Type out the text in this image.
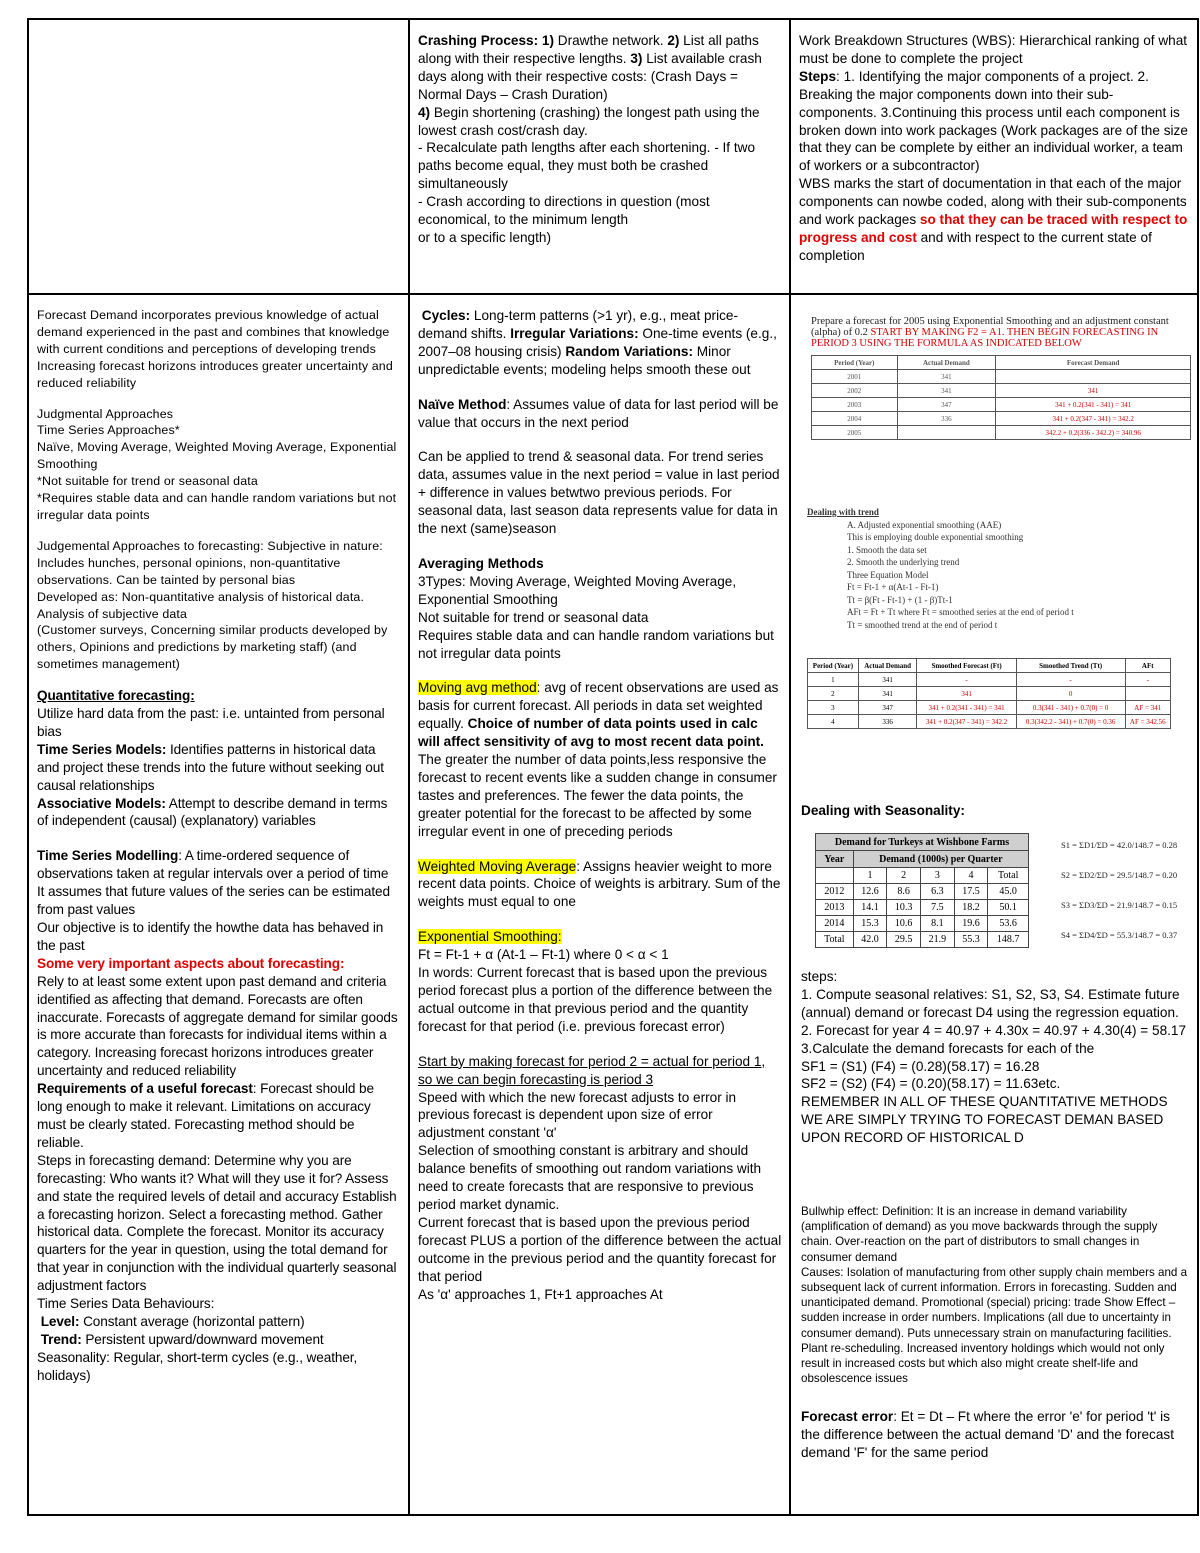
Crashing Process: 1) Drawthe network. 2) List all paths along with their respective lengths. 3) List available crash days along with their respective costs: (Crash Days = Normal Days – Crash Duration)

4) Begin shortening (crashing) the longest path using the lowest crash cost/crash day.

- Recalculate path lengths after each shortening. - If two paths become equal, they must both be crashed simultaneously

- Crash according to directions in question (most economical, to the minimum length

or to a specific length)

Work Breakdown Structures (WBS): Hierarchical ranking of what must be done to complete the project

Steps: 1. Identifying the major components of a project. 2. Breaking the major components down into their sub-components. 3.Continuing this process until each component is broken down into work packages (Work packages are of the size that they can be complete by either an individual worker, a team of workers or a subcontractor)

WBS marks the start of documentation in that each of the major components can nowbe coded, along with their sub-components and work packages so that they can be traced with respect to progress and cost and with respect to the current state of completion

Forecast Demand incorporates previous knowledge of actual demand experienced in the past and combines that knowledge with current conditions and perceptions of developing trends

Increasing forecast horizons introduces greater uncertainty and reduced reliability

Judgmental Approaches

Time Series Approaches*

Naïve, Moving Average, Weighted Moving Average, Exponential Smoothing

*Not suitable for trend or seasonal data

*Requires stable data and can handle random variations but not irregular data points

Judgemental Approaches to forecasting: Subjective in nature: Includes hunches, personal opinions, non-quantitative observations. Can be tainted by personal bias

Developed as: Non-quantitative analysis of historical data. Analysis of subjective data

(Customer surveys, Concerning similar products developed by others, Opinions and predictions by marketing staff) (and sometimes management)

Quantitative forecasting:

Utilize hard data from the past: i.e. untainted from personal bias

Time Series Models: Identifies patterns in historical data and project these trends into the future without seeking out causal relationships

Associative Models: Attempt to describe demand in terms of independent (causal) (explanatory) variables

Time Series Modelling: A time-ordered sequence of observations taken at regular intervals over a period of time

It assumes that future values of the series can be estimated from past values

Our objective is to identify the howthe data has behaved in the past

Some very important aspects about forecasting:

Rely to at least some extent upon past demand and criteria identified as affecting that demand. Forecasts are often inaccurate. Forecasts of aggregate demand for similar goods is more accurate than forecasts for individual items within a category. Increasing forecast horizons introduces greater uncertainty and reduced reliability

Requirements of a useful forecast: Forecast should be long enough to make it relevant. Limitations on accuracy must be clearly stated. Forecasting method should be reliable.

Steps in forecasting demand: Determine why you are forecasting: Who wants it? What will they use it for? Assess and state the required levels of detail and accuracy Establish a forecasting horizon. Select a forecasting method. Gather historical data. Complete the forecast. Monitor its accuracy quarters for the year in question, using the total demand for that year in conjunction with the individual quarterly seasonal adjustment factors

Time Series Data Behaviours:

Level: Constant average (horizontal pattern)

Trend: Persistent upward/downward movement

Seasonality: Regular, short-term cycles (e.g., weather, holidays)

Cycles: Long-term patterns (>1 yr), e.g., meat price-demand shifts. Irregular Variations: One-time events (e.g., 2007–08 housing crisis) Random Variations: Minor unpredictable events; modeling helps smooth these out

Naïve Method: Assumes value of data for last period will be value that occurs in the next period

Can be applied to trend & seasonal data. For trend series data, assumes value in the next period = value in last period + difference in values betwtwo previous periods. For seasonal data, last season data represents value for data in the next (same)season

Averaging Methods

3Types: Moving Average, Weighted Moving Average, Exponential Smoothing

Not suitable for trend or seasonal data

Requires stable data and can handle random variations but not irregular data points

Moving avg method: avg of recent observations are used as basis for current forecast. All periods in data set weighted equally. Choice of number of data points used in calc will affect sensitivity of avg to most recent data point. The greater the number of data points,less responsive the forecast to recent events like a sudden change in consumer tastes and preferences. The fewer the data points, the greater potential for the forecast to be affected by some irregular event in one of preceding periods

Weighted Moving Average: Assigns heavier weight to more recent data points. Choice of weights is arbitrary. Sum of the weights must equal to one

Exponential Smoothing:

Ft = Ft-1 + α (At-1 – Ft-1) where 0 < α < 1

In words: Current forecast that is based upon the previous period forecast plus a portion of the difference between the actual outcome in that previous period and the quantity forecast for that period (i.e. previous forecast error)

Start by making forecast for period 2 = actual for period 1, so we can begin forecasting is period 3

Speed with which the new forecast adjusts to error in previous forecast is dependent upon size of error adjustment constant 'α'

Selection of smoothing constant is arbitrary and should balance benefits of smoothing out random variations with need to create forecasts that are responsive to previous period market dynamic.

Current forecast that is based upon the previous period forecast PLUS a portion of the difference between the actual outcome in the previous period and the quantity forecast for that period

As 'α' approaches 1, Ft+1 approaches At

Prepare a forecast for 2005 using Exponential Smoothing and an adjustment constant (alpha) of 0.2 START BY MAKING F2 = A1. THEN BEGIN FORECASTING IN PERIOD 3 USING THE FORMULA AS INDICATED BELOW
Period (Year)	Actual Demand	Forecast Demand
2001	341	
2002	341	341
2003	347	341 + 0.2(341 - 341) = 341
2004	336	341 + 0.2(347 - 341) = 342.2
2005		342.2 + 0.2(336 - 342.2) = 340.96

Dealing with trend

A. Adjusted exponential smoothing (AAE)

This is employing double exponential smoothing

1. Smooth the data set

2. Smooth the underlying trend

Three Equation Model

Ft = Ft-1 + α(At-1 - Ft-1)

Tt = β(Ft - Ft-1) + (1 - β)Tt-1

AFt = Ft + Tt where Ft = smoothed series at the end of period t

Tt = smoothed trend at the end of period t

Period (Year)	Actual Demand	Smoothed Forecast (Ft)	Smoothed Trend (Tt)	AFt
1	341	-	-	-
2	341	341	0	
3	347	341 + 0.2(341 - 341) = 341	0.3(341 - 341) + 0.7(0) = 0	AF = 341
4	336	341 + 0.2(347 - 341) = 342.2	0.3(342.2 - 341) + 0.7(0) = 0.36	AF = 342.56

Dealing with Seasonality:

Demand for Turkeys at Wishbone Farms					
Year	Demand (1000s) per Quarter				
	1	2	3	4	Total
2012	12.6	8.6	6.3	17.5	45.0
2013	14.1	10.3	7.5	18.2	50.1
2014	15.3	10.6	8.1	19.6	53.6
Total	42.0	29.5	21.9	55.3	148.7

S1 = ΣD1/ΣD = 42.0/148.7 = 0.28

S2 = ΣD2/ΣD = 29.5/148.7 = 0.20

S3 = ΣD3/ΣD = 21.9/148.7 = 0.15

S4 = ΣD4/ΣD = 55.3/148.7 = 0.37

steps:

1. Compute seasonal relatives: S1, S2, S3, S4. Estimate future (annual) demand or forecast D4 using the regression equation.

2. Forecast for year 4 = 40.97 + 4.30x = 40.97 + 4.30(4) = 58.17

3.Calculate the demand forecasts for each of the

SF1 = (S1) (F4) = (0.28)(58.17) = 16.28

SF2 = (S2) (F4) = (0.20)(58.17) = 11.63etc.

REMEMBER IN ALL OF THESE QUANTITATIVE METHODS WE ARE SIMPLY TRYING TO FORECAST DEMAN BASED UPON RECORD OF HISTORICAL D

Bullwhip effect: Definition: It is an increase in demand variability (amplification of demand) as you move backwards through the supply chain. Over-reaction on the part of distributors to small changes in consumer demand

Causes: Isolation of manufacturing from other supply chain members and a subsequent lack of current information. Errors in forecasting. Sudden and unanticipated demand. Promotional (special) pricing: trade Show Effect – sudden increase in order numbers. Implications (all due to uncertainty in consumer demand). Puts unnecessary strain on manufacturing facilities. Plant re-scheduling. Increased inventory holdings which would not only result in increased costs but which also might create shelf-life and obsolescence issues

Forecast error: Et = Dt – Ft where the error 'e' for period 't' is the difference between the actual demand 'D' and the forecast demand 'F' for the same period
